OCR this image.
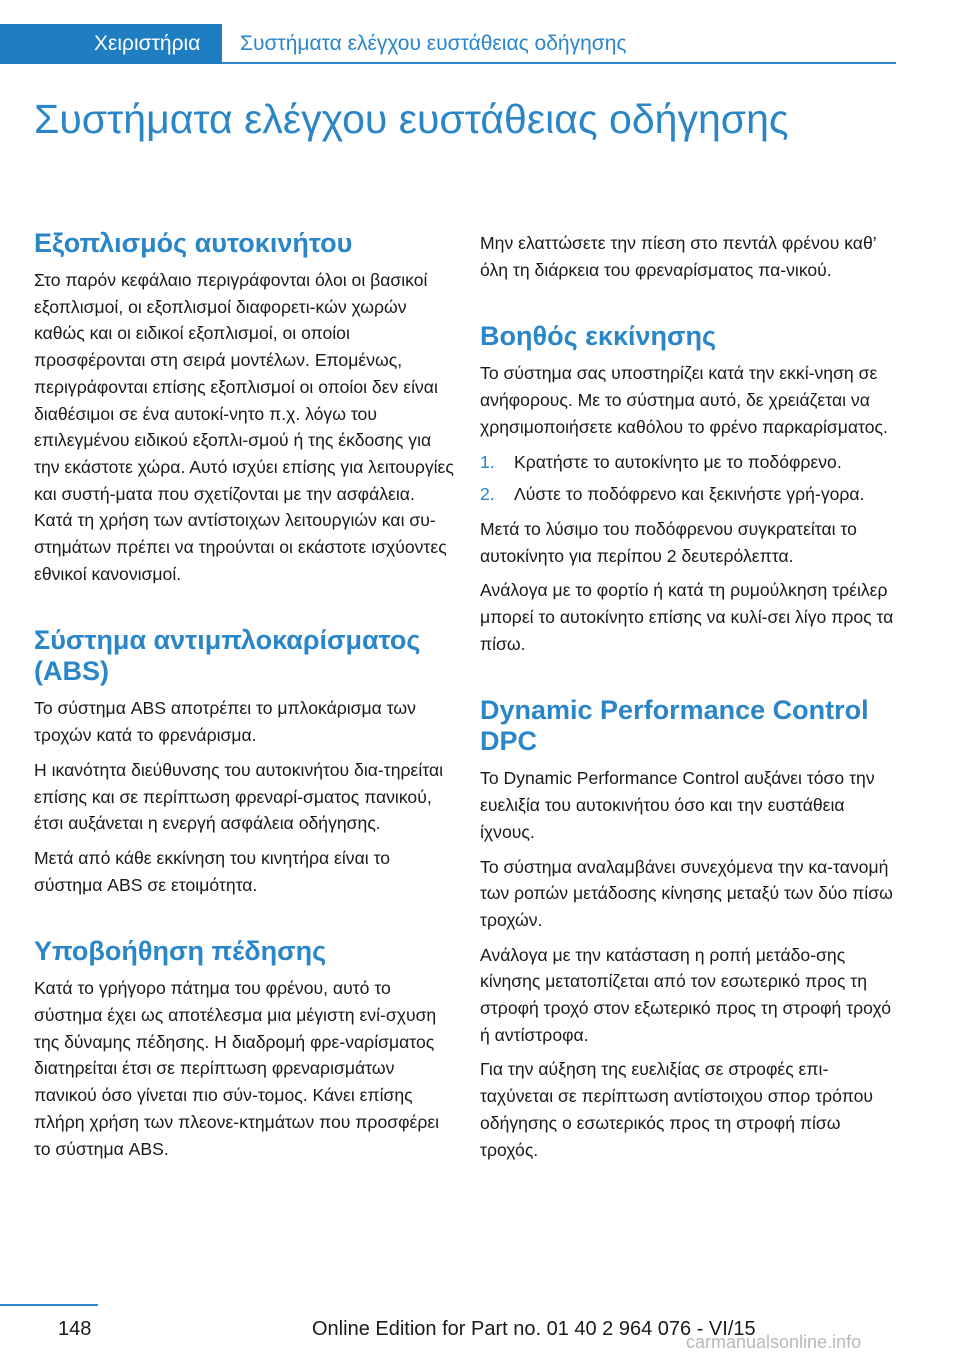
Χειριστήρια	Συστήματα ελέγχου ευστάθειας οδήγησης
Συστήματα ελέγχου ευστάθειας οδήγησης
Εξοπλισμός αυτοκινήτου

Στο παρόν κεφάλαιο περιγράφονται όλοι οι βασικοί εξοπλισμοί, οι εξοπλισμοί διαφορετι-κών χωρών καθώς και οι ειδικοί εξοπλισμοί, οι οποίοι προσφέρονται στη σειρά μοντέλων. Επομένως, περιγράφονται επίσης εξοπλισμοί οι οποίοι δεν είναι διαθέσιμοι σε ένα αυτοκί-νητο π.χ. λόγω του επιλεγμένου ειδικού εξοπλι-σμού ή της έκδοσης για την εκάστοτε χώρα. Αυτό ισχύει επίσης για λειτουργίες και συστή-ματα που σχετίζονται με την ασφάλεια. Κατά τη χρήση των αντίστοιχων λειτουργιών και συ-στημάτων πρέπει να τηρούνται οι εκάστοτε ισχύοντες εθνικοί κανονισμοί.

Σύστημα αντιμπλοκαρίσματος (ABS)

Το σύστημα ABS αποτρέπει το μπλοκάρισμα των τροχών κατά το φρενάρισμα.

Η ικανότητα διεύθυνσης του αυτοκινήτου δια-τηρείται επίσης και σε περίπτωση φρεναρί-σματος πανικού, έτσι αυξάνεται η ενεργή ασφάλεια οδήγησης.

Μετά από κάθε εκκίνηση του κινητήρα είναι το σύστημα ABS σε ετοιμότητα.

Υποβοήθηση πέδησης

Κατά το γρήγορο πάτημα του φρένου, αυτό το σύστημα έχει ως αποτέλεσμα μια μέγιστη ενί-σχυση της δύναμης πέδησης. Η διαδρομή φρε-ναρίσματος διατηρείται έτσι σε περίπτωση φρεναρισμάτων πανικού όσο γίνεται πιο σύν-τομος. Κάνει επίσης πλήρη χρήση των πλεονε-κτημάτων που προσφέρει το σύστημα ABS.

Μην ελαττώσετε την πίεση στο πεντάλ φρένου καθ’ όλη τη διάρκεια του φρεναρίσματος πα-νικού.

Βοηθός εκκίνησης

Το σύστημα σας υποστηρίζει κατά την εκκί-νηση σε ανήφορους. Με το σύστημα αυτό, δε χρειάζεται να χρησιμοποιήσετε καθόλου το φρένο παρκαρίσματος.

1. Κρατήστε το αυτοκίνητο με το ποδόφρενο.
2. Λύστε το ποδόφρενο και ξεκινήστε γρή-γορα.

Μετά το λύσιμο του ποδόφρενου συγκρατείται το αυτοκίνητο για περίπου 2 δευτερόλεπτα.

Ανάλογα με το φορτίο ή κατά τη ρυμούλκηση τρέιλερ μπορεί το αυτοκίνητο επίσης να κυλί-σει λίγο προς τα πίσω.

Dynamic Performance Control DPC

Το Dynamic Performance Control αυξάνει τόσο την ευελιξία του αυτοκινήτου όσο και την ευστάθεια ίχνους.

Το σύστημα αναλαμβάνει συνεχόμενα την κα-τανομή των ροπών μετάδοσης κίνησης μεταξύ των δύο πίσω τροχών.

Ανάλογα με την κατάσταση η ροπή μετάδο-σης κίνησης μετατοπίζεται από τον εσωτερικό προς τη στροφή τροχό στον εξωτερικό προς τη στροφή τροχό ή αντίστροφα.

Για την αύξηση της ευελιξίας σε στροφές επι-ταχύνεται σε περίπτωση αντίστοιχου σπορ τρόπου οδήγησης ο εσωτερικός προς τη στροφή πίσω τροχός.

148	Online Edition for Part no. 01 40 2 964 076 - VI/15
carmanualsonline.info
